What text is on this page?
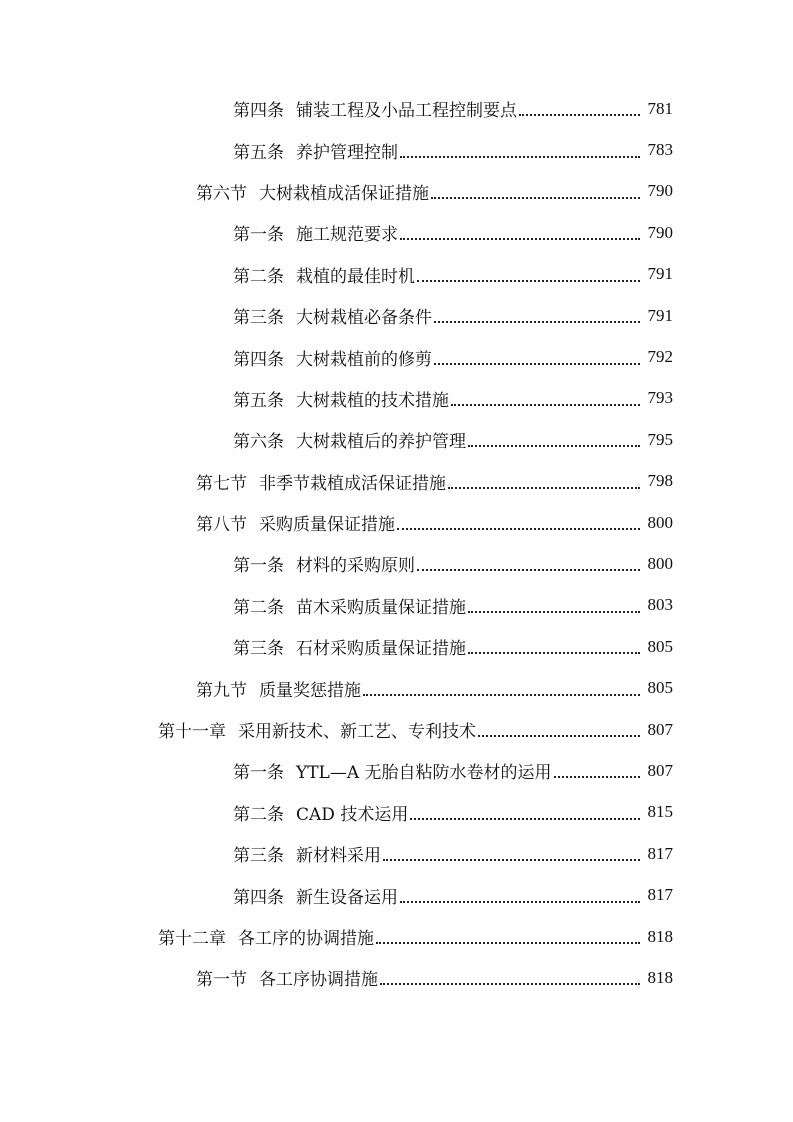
第四条 铺装工程及小品工程控制要点	781
第五条 养护管理控制	783
第六节 大树栽植成活保证措施	790
第一条 施工规范要求	790
第二条 栽植的最佳时机	791
第三条 大树栽植必备条件	791
第四条 大树栽植前的修剪	792
第五条 大树栽植的技术措施	793
第六条 大树栽植后的养护管理	795
第七节 非季节栽植成活保证措施	798
第八节 采购质量保证措施	800
第一条 材料的采购原则	800
第二条 苗木采购质量保证措施	803
第三条 石材采购质量保证措施	805
第九节 质量奖惩措施	805
第十一章 采用新技术、新工艺、专利技术	807
第一条 YTL—A 无胎自粘防水卷材的运用	807
第二条 CAD 技术运用	815
第三条 新材料采用	817
第四条 新生设备运用	817
第十二章 各工序的协调措施	818
第一节 各工序协调措施	818
